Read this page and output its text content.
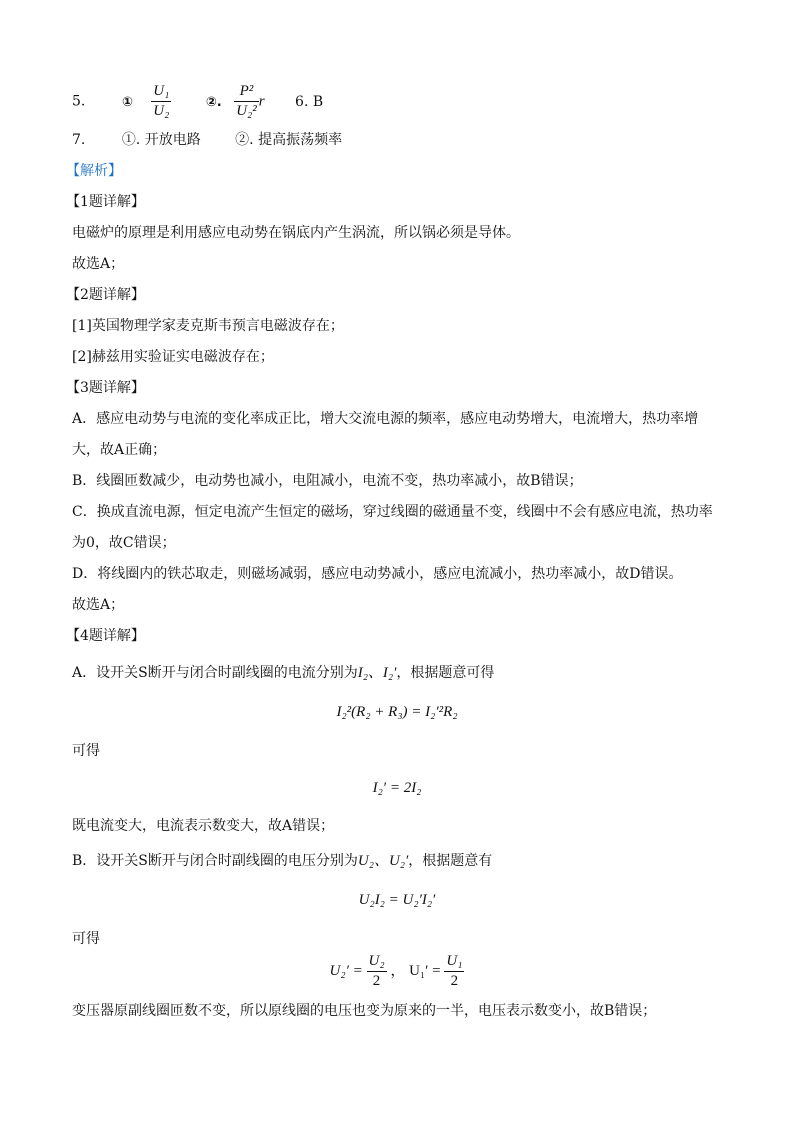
5.	① $\frac{\text{U₁}}{\text{U₂}}$	②. $\frac{\text{P²}}{\text{U₂²}}$ r 6. B
7.	①. 开放电路 ②. 提高振荡频率
【解析】
【1题详解】
电磁炉的原理是利用感应电动势在锅底内产生涡流，所以锅必须是导体。
故选A；
【2题详解】
[1]英国物理学家麦克斯韦预言电磁波存在；
[2]赫兹用实验证实电磁波存在；
【3题详解】
A．感应电动势与电流的变化率成正比，增大交流电源的频率，感应电动势增大，电流增大，热功率增
大，故A正确；
B．线圈匝数减少，电动势也减小，电阻减小，电流不变，热功率减小，故B错误；
C．换成直流电源，恒定电流产生恒定的磁场，穿过线圈的磁通量不变，线圈中不会有感应电流，热功率
为0，故C错误；
D．将线圈内的铁芯取走，则磁场减弱，感应电动势减小，感应电流减小，热功率减小，故D错误。
故选A；
【4题详解】
A．设开关S断开与闭合时副线圈的电流分别为I₂、I₂′，根据题意可得
I₂²(R₂ + R₃) = I₂′²R₂
可得
I₂′ = 2I₂
既电流变大，电流表示数变大，故A错误；
B．设开关S断开与闭合时副线圈的电压分别为U₂、U₂′，根据题意有
U₂I₂ = U₂′I₂′
可得
$U_2' = \frac{\text{U₂}}{2}$ ， $U_1' = \frac{\text{U₁}}{2}$
变压器原副线圈匝数不变，所以原线圈的电压也变为原来的一半，电压表示数变小，故B错误；
